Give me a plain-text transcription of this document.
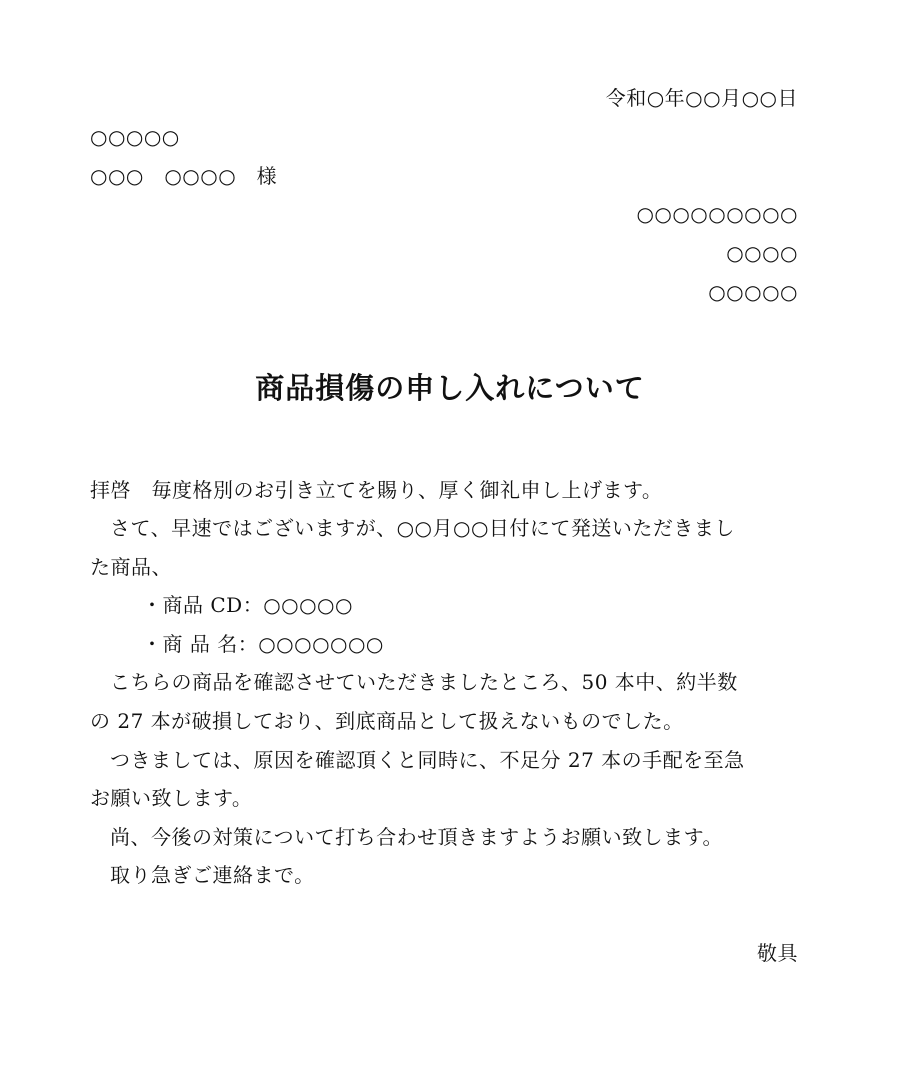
令和○年○○月○○日
○○○○○
○○○　○○○○　様
○○○○○○○○○
○○○○
○○○○○
商品損傷の申し入れについて
拝啓　毎度格別のお引き立てを賜り、厚く御礼申し上げます。
さて、早速ではございますが、○○月○○日付にて発送いただきまし
た商品、
・商品 CD：○○○○○
・商 品 名：○○○○○○○
こちらの商品を確認させていただきましたところ、50 本中、約半数
の 27 本が破損しており、到底商品として扱えないものでした。
つきましては、原因を確認頂くと同時に、不足分 27 本の手配を至急
お願い致します。
尚、今後の対策について打ち合わせ頂きますようお願い致します。
取り急ぎご連絡まで。
敬具
